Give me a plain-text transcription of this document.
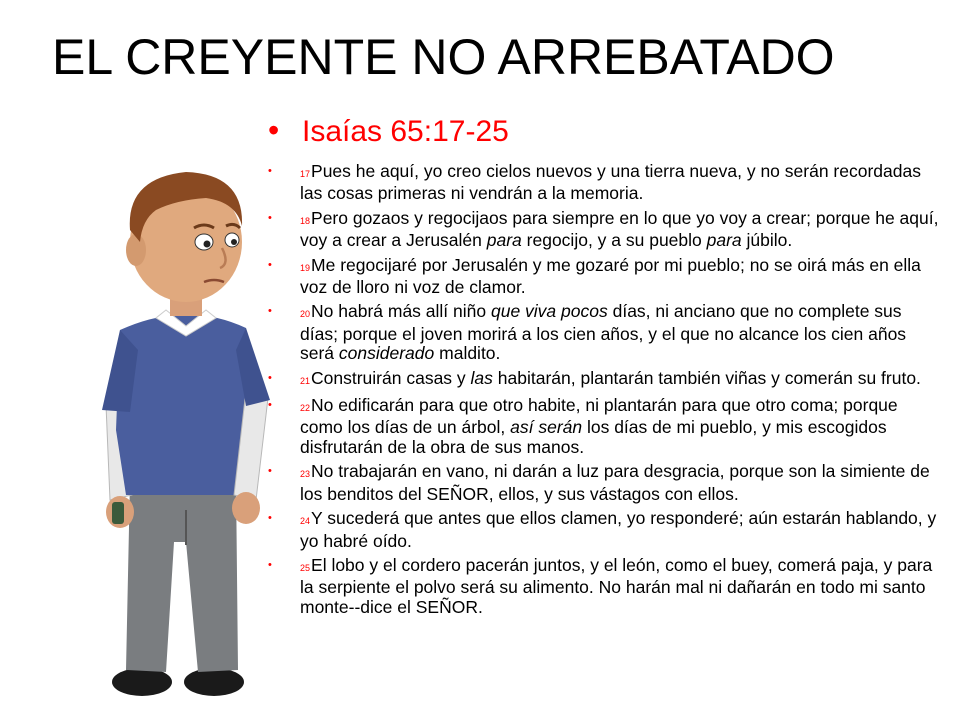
EL CREYENTE NO ARREBATADO
• Isaías 65:17-25
•	17Pues he aquí, yo creo cielos nuevos y una tierra nueva, y no serán recordadas las cosas primeras ni vendrán a la memoria.
•	18Pero gozaos y regocijaos para siempre en lo que yo voy a crear; porque he aquí, voy a crear a Jerusalén para regocijo, y a su pueblo para júbilo.
•	19Me regocijaré por Jerusalén y me gozaré por mi pueblo; no se oirá más en ella voz de lloro ni voz de clamor.
•	20No habrá más allí niño que viva pocos días, ni anciano que no complete sus días; porque el joven morirá a los cien años, y el que no alcance los cien años será considerado maldito.
•	21Construirán casas y las habitarán, plantarán también viñas y comerán su fruto.
•	22No edificarán para que otro habite, ni plantarán para que otro coma; porque como los días de un árbol, así serán los días de mi pueblo, y mis escogidos disfrutarán de la obra de sus manos.
•	23No trabajarán en vano, ni darán a luz para desgracia, porque son la simiente de los benditos del SEÑOR, ellos, y sus vástagos con ellos.
•	24Y sucederá que antes que ellos clamen, yo responderé; aún estarán hablando, y yo habré oído.
•	25El lobo y el cordero pacerán juntos, y el león, como el buey, comerá paja, y para la serpiente el polvo será su alimento. No harán mal ni dañarán en todo mi santo monte--dice el SEÑOR.
